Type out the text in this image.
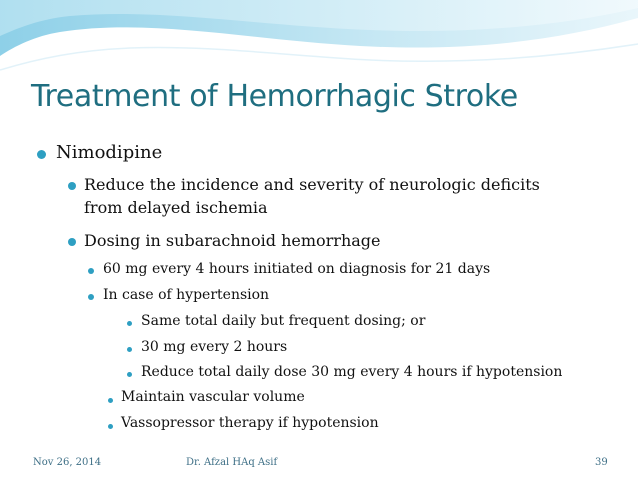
Treatment of Hemorrhagic Stroke
Nimodipine
Reduce the incidence and severity of neurologic deficits
from delayed ischemia
Dosing in subarachnoid hemorrhage
60 mg every 4 hours initiated on diagnosis for 21 days
In case of hypertension
Same total daily but frequent dosing; or
30 mg every 2 hours
Reduce total daily dose 30 mg every 4 hours if hypotension
Maintain vascular volume
Vassopressor therapy if hypotension
Nov 26, 2014	Dr. Afzal HAq Asif	39
